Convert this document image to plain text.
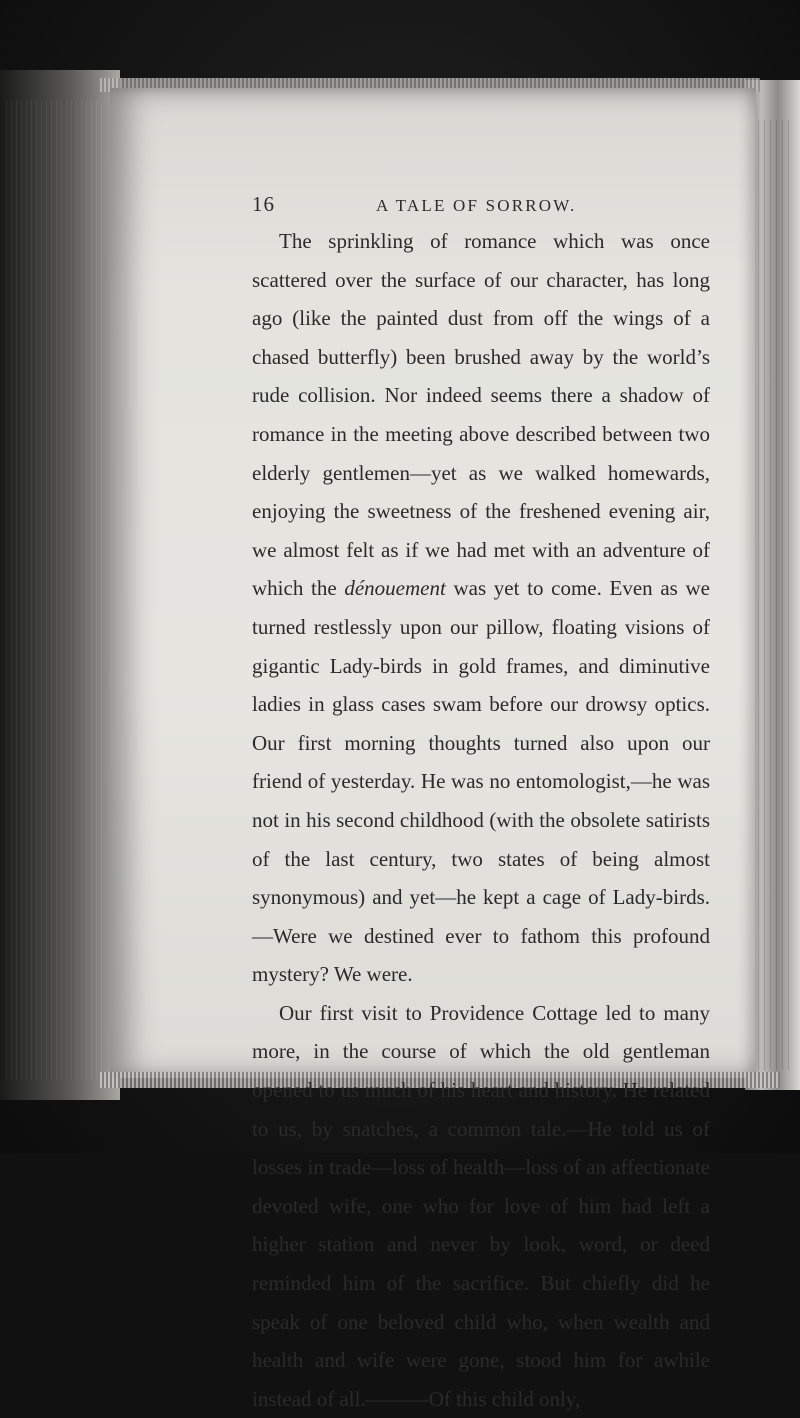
16	A TALE OF SORROW.

The sprinkling of romance which was once scattered over the surface of our character, has long ago (like the painted dust from off the wings of a chased butterfly) been brushed away by the world’s rude collision. Nor indeed seems there a shadow of romance in the meeting above described between two elderly gentlemen—yet as we walked homewards, enjoying the sweetness of the freshened evening air, we almost felt as if we had met with an adventure of which the dénouement was yet to come. Even as we turned restlessly upon our pillow, floating visions of gigantic Lady-birds in gold frames, and diminutive ladies in glass cases swam before our drowsy optics. Our first morning thoughts turned also upon our friend of yesterday. He was no entomologist,—he was not in his second childhood (with the obsolete satirists of the last century, two states of being almost synonymous) and yet—he kept a cage of Lady-birds.—Were we destined ever to fathom this profound mystery? We were.

Our first visit to Providence Cottage led to many more, in the course of which the old gentleman opened to us much of his heart and history. He related to us, by snatches, a common tale.—He told us of losses in trade—loss of health—loss of an affectionate devoted wife, one who for love of him had left a higher station and never by look, word, or deed reminded him of the sacrifice. But chiefly did he speak of one beloved child who, when wealth and health and wife were gone, stood him for awhile instead of all.———Of this child only,
